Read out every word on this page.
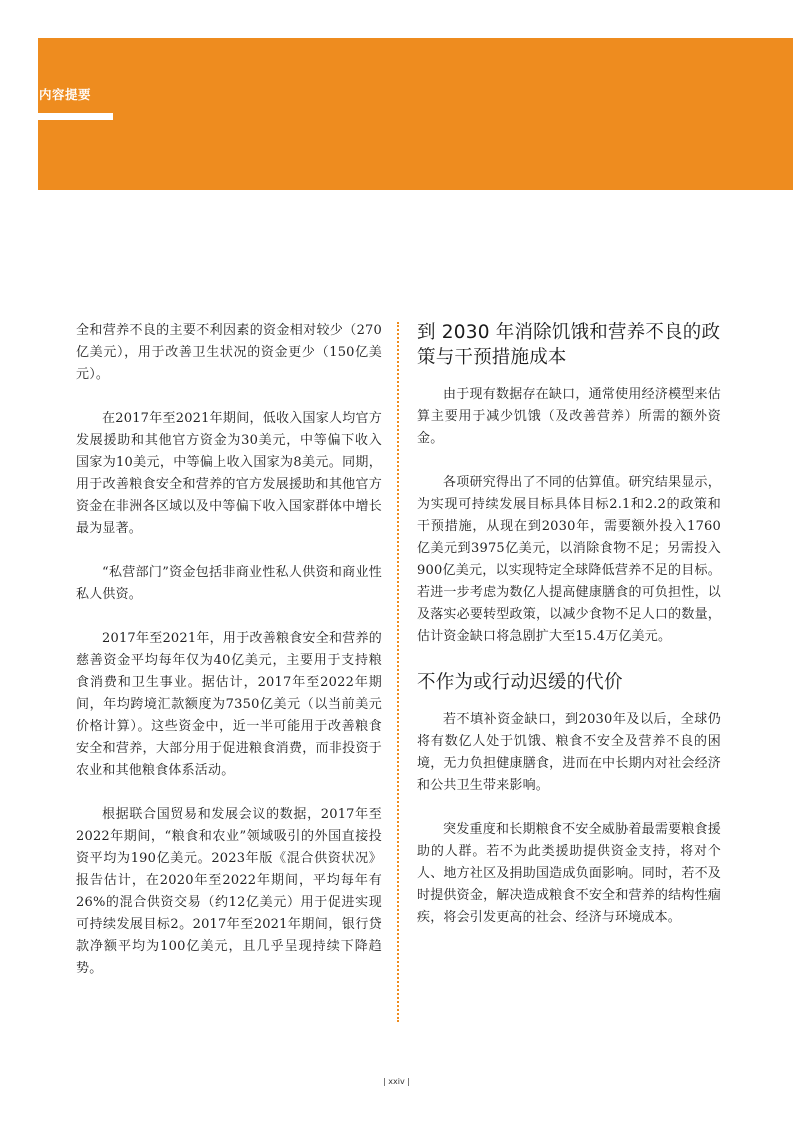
内容提要

全和营养不良的主要不利因素的资金相对较少（270亿美元），用于改善卫生状况的资金更少（150亿美元）。

在2017年至2021年期间，低收入国家人均官方发展援助和其他官方资金为30美元，中等偏下收入国家为10美元，中等偏上收入国家为8美元。同期，用于改善粮食安全和营养的官方发展援助和其他官方资金在非洲各区域以及中等偏下收入国家群体中增长最为显著。

“私营部门”资金包括非商业性私人供资和商业性私人供资。

2017年至2021年，用于改善粮食安全和营养的慈善资金平均每年仅为40亿美元，主要用于支持粮食消费和卫生事业。据估计，2017年至2022年期间，年均跨境汇款额度为7350亿美元（以当前美元价格计算）。这些资金中，近一半可能用于改善粮食安全和营养，大部分用于促进粮食消费，而非投资于农业和其他粮食体系活动。

根据联合国贸易和发展会议的数据，2017年至2022年期间，“粮食和农业”领域吸引的外国直接投资平均为190亿美元。2023年版《混合供资状况》报告估计，在2020年至2022年期间，平均每年有26%的混合供资交易（约12亿美元）用于促进实现可持续发展目标2。2017年至2021年期间，银行贷款净额平均为100亿美元，且几乎呈现持续下降趋势。

到 2030 年消除饥饿和营养不良的政策与干预措施成本

由于现有数据存在缺口，通常使用经济模型来估算主要用于减少饥饿（及改善营养）所需的额外资金。

各项研究得出了不同的估算值。研究结果显示，为实现可持续发展目标具体目标2.1和2.2的政策和干预措施，从现在到2030年，需要额外投入1760亿美元到3975亿美元，以消除食物不足；另需投入900亿美元，以实现特定全球降低营养不足的目标。若进一步考虑为数亿人提高健康膳食的可负担性，以及落实必要转型政策，以减少食物不足人口的数量，估计资金缺口将急剧扩大至15.4万亿美元。

不作为或行动迟缓的代价

若不填补资金缺口，到2030年及以后，全球仍将有数亿人处于饥饿、粮食不安全及营养不良的困境，无力负担健康膳食，进而在中长期内对社会经济和公共卫生带来影响。

突发重度和长期粮食不安全威胁着最需要粮食援助的人群。若不为此类援助提供资金支持，将对个人、地方社区及捐助国造成负面影响。同时，若不及时提供资金，解决造成粮食不安全和营养的结构性痼疾，将会引发更高的社会、经济与环境成本。

| xxiv |
